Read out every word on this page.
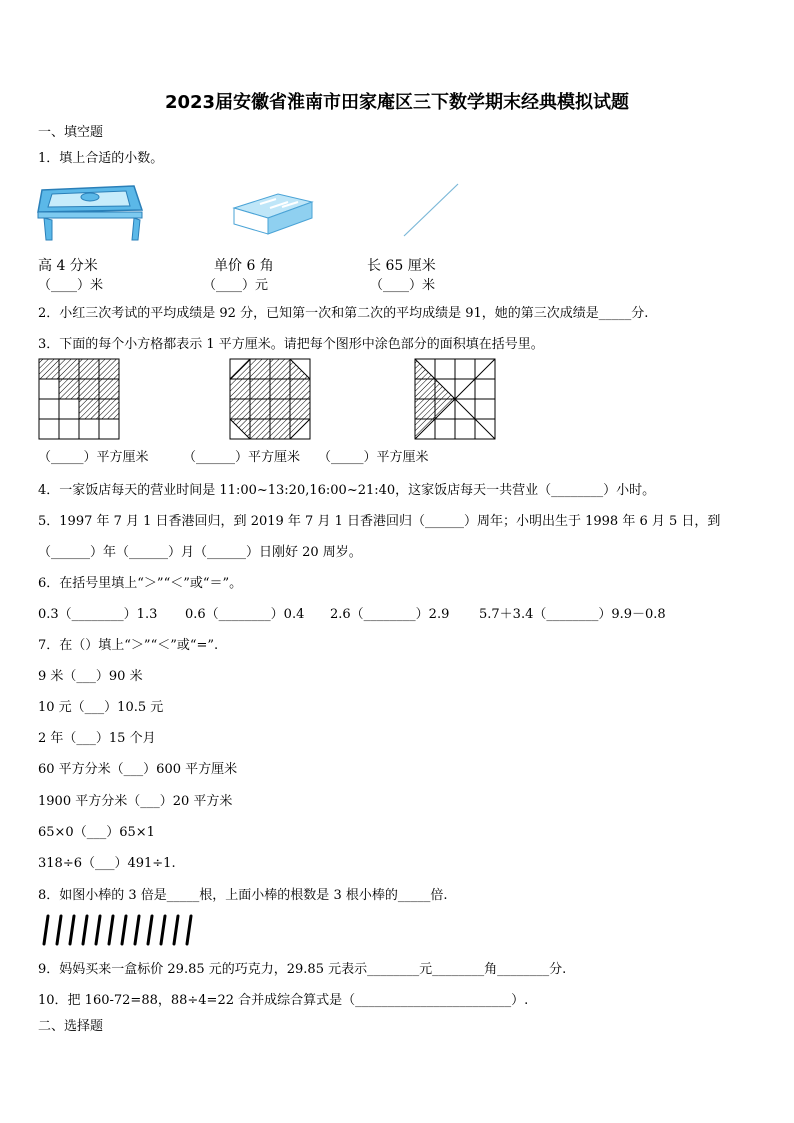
2023届安徽省淮南市田家庵区三下数学期末经典模拟试题
一、填空题
1．填上合适的小数。
高 4 分米	单价 6 角	长 65 厘米
（____）米	（____）元	（____）米
2．小红三次考试的平均成绩是 92 分，已知第一次和第二次的平均成绩是 91，她的第三次成绩是_____分.
3．下面的每个小方格都表示 1 平方厘米。请把每个图形中涂色部分的面积填在括号里。
（_____）平方厘米	（______）平方厘米 （_____）平方厘米
4．一家饭店每天的营业时间是 11:00~13:20,16:00~21:40，这家饭店每天一共营业（________）小时。
5．1997 年 7 月 1 日香港回归，到 2019 年 7 月 1 日香港回归（______）周年；小明出生于 1998 年 6 月 5 日，到
（______）年（______）月（______）日刚好 20 周岁。
6．在括号里填上“＞”“＜”或“＝”。
0.3（________）1.3 0.6（________）0.4 2.6（________）2.9 5.7＋3.4（________）9.9－0.8
7．在（）填上“＞”“＜”或“=”.
9 米（___）90 米
10 元（___）10.5 元
2 年（___）15 个月
60 平方分米（___）600 平方厘米
1900 平方分米（___）20 平方米
65×0（___）65×1
318÷6（___）491÷1.
8．如图小棒的 3 倍是_____根，上面小棒的根数是 3 根小棒的_____倍.
9．妈妈买来一盒标价 29.85 元的巧克力，29.85 元表示________元________角________分.
10．把 160-72=88，88÷4=22 合并成综合算式是（________________________）.
二、选择题
